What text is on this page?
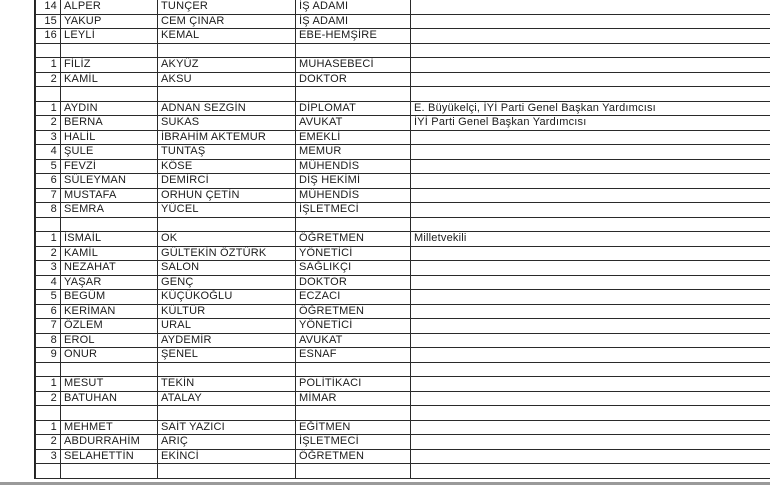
14	ALPER	TUNÇER	İŞ ADAMI	
15	YAKUP	CEM ÇINAR	İŞ ADAMI	
16	LEYLİ	KEMAL	EBE-HEMŞİRE	

1	FİLİZ	AKYÜZ	MUHASEBECİ	
2	KAMİL	AKSU	DOKTOR	

1	AYDIN	ADNAN SEZGİN	DİPLOMAT	E. Büyükelçi, İYİ Parti Genel Başkan Yardımcısı
2	BERNA	SUKAS	AVUKAT	İYİ Parti Genel Başkan Yardımcısı
3	HALİL	İBRAHİM AKTEMUR	EMEKLİ	
4	ŞULE	TUNTAŞ	MEMUR	
5	FEVZİ	KÖSE	MÜHENDİS	
6	SÜLEYMAN	DEMİRCİ	DİŞ HEKİMİ	
7	MUSTAFA	ORHUN ÇETİN	MÜHENDİS	
8	SEMRA	YÜCEL	İŞLETMECİ	

1	İSMAİL	OK	ÖĞRETMEN	Milletvekili
2	KAMİL	GÜLTEKİN ÖZTÜRK	YÖNETİCİ	
3	NEZAHAT	SALON	SAĞLIKÇI	
4	YAŞAR	GENÇ	DOKTOR	
5	BEGÜM	KÜÇÜKOĞLU	ECZACI	
6	KERİMAN	KÜLTÜR	ÖĞRETMEN	
7	ÖZLEM	URAL	YÖNETİCİ	
8	EROL	AYDEMİR	AVUKAT	
9	ONUR	ŞENEL	ESNAF	

1	MESUT	TEKİN	POLİTİKACI	
2	BATUHAN	ATALAY	MİMAR	

1	MEHMET	SAİT YAZICI	EĞİTMEN	
2	ABDURRAHİM	ARIÇ	İŞLETMECİ	
3	SELAHETTİN	EKİNCİ	ÖĞRETMEN	
